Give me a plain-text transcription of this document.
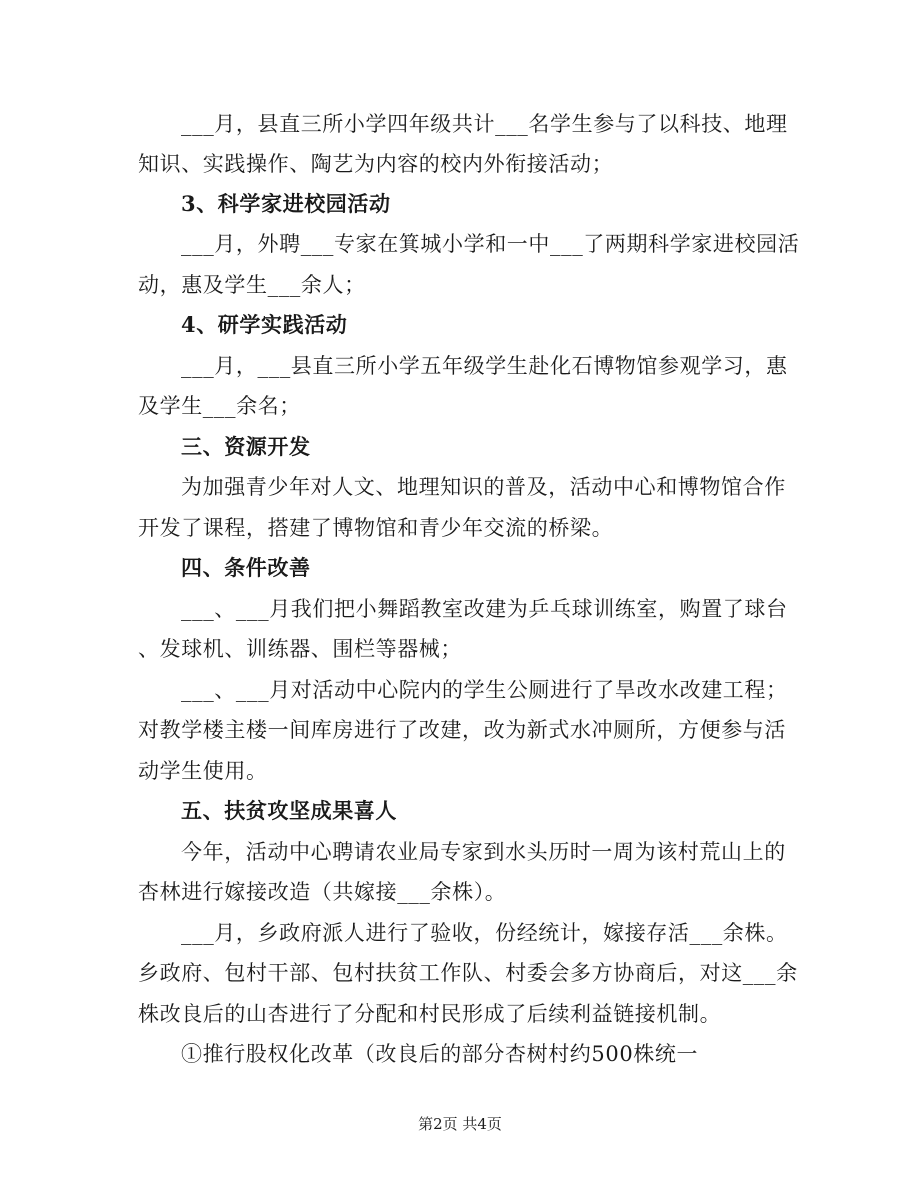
___月，县直三所小学四年级共计___名学生参与了以科技、地理
知识、实践操作、陶艺为内容的校内外衔接活动；
3、科学家进校园活动
___月，外聘___专家在箕城小学和一中___了两期科学家进校园活
动，惠及学生___余人；
4、研学实践活动
___月，___县直三所小学五年级学生赴化石博物馆参观学习，惠
及学生___余名；
三、资源开发
为加强青少年对人文、地理知识的普及，活动中心和博物馆合作
开发了课程，搭建了博物馆和青少年交流的桥梁。
四、条件改善
___、___月我们把小舞蹈教室改建为乒乓球训练室，购置了球台
、发球机、训练器、围栏等器械；
___、___月对活动中心院内的学生公厕进行了旱改水改建工程；
对教学楼主楼一间库房进行了改建，改为新式水冲厕所，方便参与活
动学生使用。
五、扶贫攻坚成果喜人
今年，活动中心聘请农业局专家到水头历时一周为该村荒山上的
杏林进行嫁接改造（共嫁接___余株）。
___月，乡政府派人进行了验收，份经统计，嫁接存活___余株。
乡政府、包村干部、包村扶贫工作队、村委会多方协商后，对这___余
株改良后的山杏进行了分配和村民形成了后续利益链接机制。
①推行股权化改革（改良后的部分杏树村约500株统一
第2页 共4页
